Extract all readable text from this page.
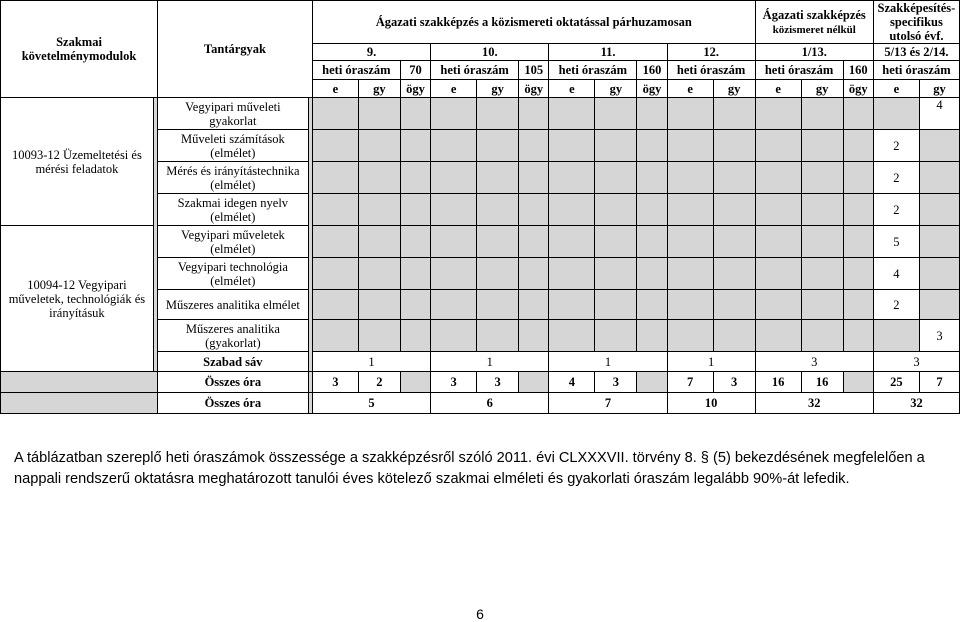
Szakmai követelménymodulok		Tantárgyak		Ágazati szakképzés a közismereti oktatással párhuzamosan											Ágazati szakképzés
közismeret nélkül			Szakképesítés-specifikus utolsó évf.	
				9.			10.			11.			12.		1/13.			5/13 és 2/14.	
				heti óraszám		70	heti óraszám		105	heti óraszám		160	heti óraszám		heti óraszám		160	heti óraszám	
				e	gy	ögy	e	gy	ögy	e	gy	ögy	e	gy	e	gy	ögy	e	gy
10093-12 Üzemeltetési és mérési feladatok		Vegyipari műveleti gyakorlat																	4
		Műveleti számítások (elmélet)																2	
		Mérés és irányítástechnika (elmélet)																2	
		Szakmai idegen nyelv (elmélet)																2	
10094-12 Vegyipari műveletek, technológiák és irányításuk		Vegyipari műveletek (elmélet)																5	
		Vegyipari technológia (elmélet)																4	
		Műszeres analitika elmélet																2	
		Műszeres analitika (gyakorlat)																	3
		Szabad sáv		1			1			1			1		3			3	
		Összes óra		3	2		3	3		4	3		7	3	16	16		25	7
		Összes óra		5			6			7			10		32			32	

A táblázatban szereplő heti óraszámok összessége a szakképzésről szóló 2011. évi CLXXXVII. törvény 8. § (5) bekezdésének megfelelően a nappali rendszerű oktatásra meghatározott tanulói éves kötelező szakmai elméleti és gyakorlati óraszám legalább 90%-át lefedik.

6
